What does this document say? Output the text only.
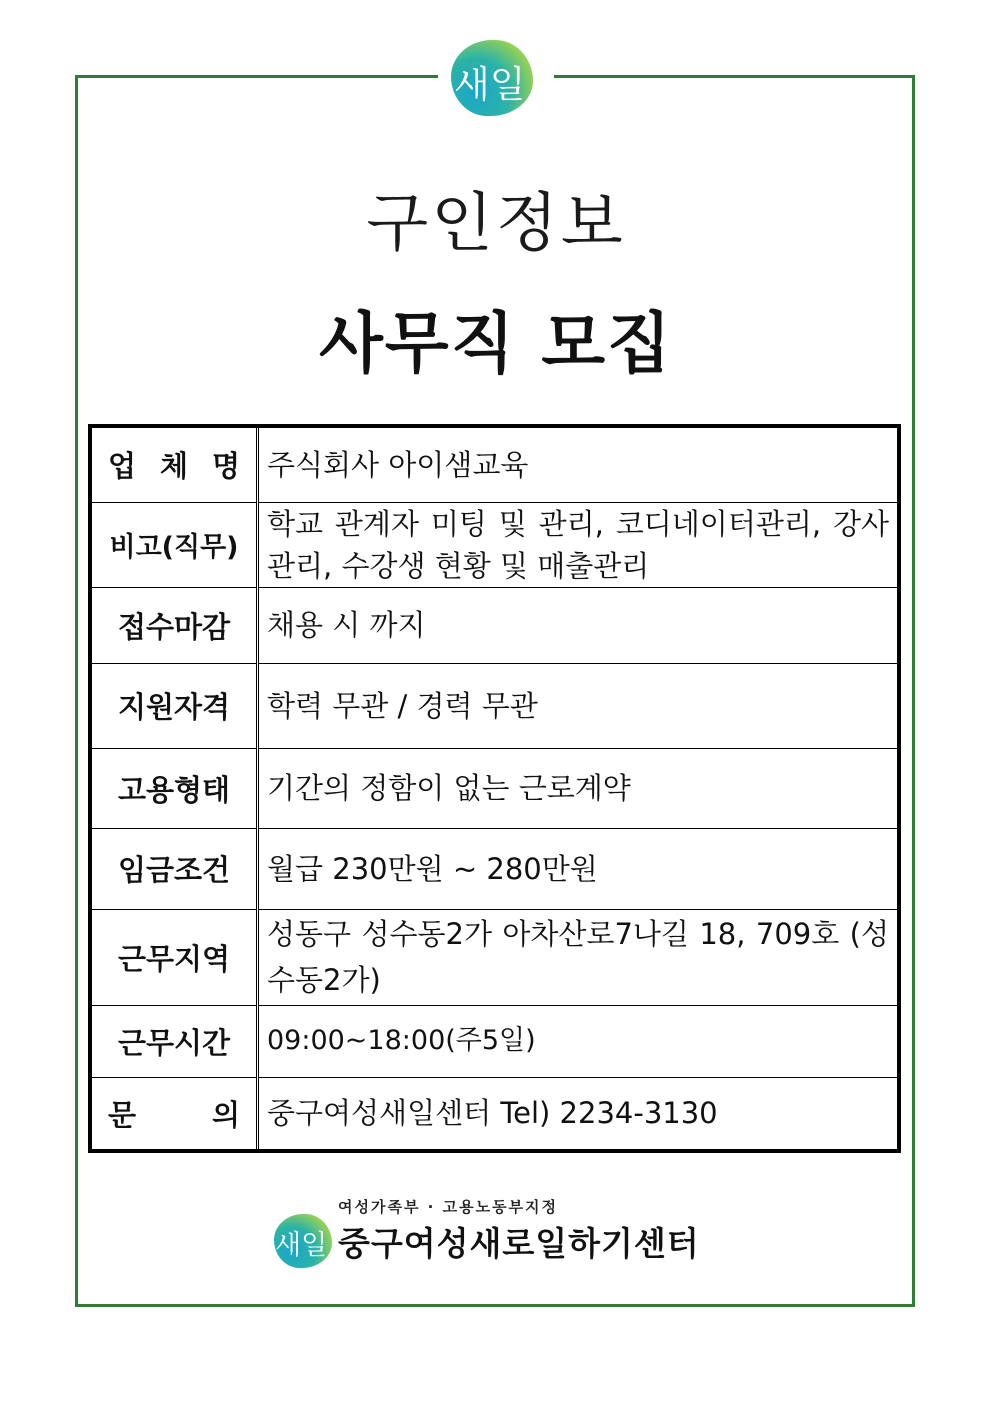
새일
구인정보
사무직 모집
업 체 명	주식회사 아이샘교육
비고(직무)	학교 관계자 미팅 및 관리, 코디네이터관리, 강사관리, 수강생 현황 및 매출관리

접수마감	채용 시 까지
지원자격	학력 무관 / 경력 무관
고용형태	기간의 정함이 없는 근로계약
임금조건	월급 230만원 ~ 280만원
근무지역	성동구 성수동2가 아차산로7나길 18, 709호 (성수동2가)

근무시간	09:00~18:00(주5일)
문 의	중구여성새일센터 Tel) 2234-3130
새일
여성가족부 · 고용노동부지정
중구여성새로일하기센터
